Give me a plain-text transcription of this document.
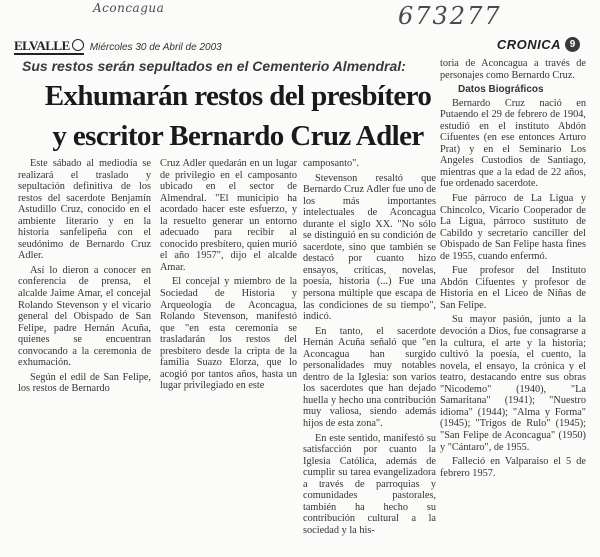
Aconcagua	673277
ELVALLE	Miércoles 30 de Abril de 2003	CRONICA 9
Sus restos serán sepultados en el Cementerio Almendral:
Exhumarán restos del presbítero
y escritor Bernardo Cruz Adler

Este sábado al mediodía se realizará el traslado y sepultación definitiva de los restos del sacerdote Benjamín Astudillo Cruz, conocido en el ambiente literario y en la historia sanfelipeña con el seudónimo de Bernardo Cruz Adler.

Así lo dieron a conocer en conferencia de prensa, el alcalde Jaime Amar, el concejal Rolando Stevenson y el vicario general del Obispado de San Felipe, padre Hernán Acuña, quienes se encuentran convocando a la ceremonia de exhumación.

Según el edil de San Felipe, los restos de Bernardo

Cruz Adler quedarán en un lugar de privilegio en el camposanto ubicado en el sector de Almendral. "El municipio ha acordado hacer este esfuerzo, y la resuelto generar un entorno adecuado para recibir al conocido presbítero, quien murió el año 1957", dijo el alcalde Amar.

El concejal y miembro de la Sociedad de Historia y Arqueología de Aconcagua, Rolando Stevenson, manifestó que "en esta ceremonia se trasladarán los restos del presbítero desde la cripta de la familia Suazo Elorza, que lo acogió por tantos años, hasta un lugar privilegiado en este

camposanto".

Stevenson resaltó que Bernardo Cruz Adler fue uno de los más importantes intelectuales de Aconcagua durante el siglo XX. "No sólo se distinguió en su condición de sacerdote, sino que también se destacó por cuanto hizo ensayos, críticas, novelas, poesía, historia (...) Fue una persona múltiple que escapa de las condiciones de su tiempo", indicó.

En tanto, el sacerdote Hernán Acuña señaló que "en Aconcagua han surgido personalidades muy notables dentro de la Iglesia: son varios los sacerdotes que han dejado huella y hecho una contribución muy valiosa, siendo además hijos de esta zona".

En este sentido, manifestó su satisfacción por cuanto la Iglesia Católica, además de cumplir su tarea evangelizadora a través de parroquias y comunidades pastorales, también ha hecho su contribución cultural a la sociedad y la his-

toria de Aconcagua a través de personajes como Bernardo Cruz.

Datos Biográficos

Bernardo Cruz nació en Putaendo el 29 de febrero de 1904, estudió en el instituto Abdón Cifuentes (en ese entonces Arturo Prat) y en el Seminario Los Angeles Custodios de Santiago, mientras que a la edad de 22 años, fue ordenado sacerdote.

Fue párroco de La Ligua y Chincolco, Vicario Cooperador de La Ligua, párroco sustituto de Cabildo y secretario canciller del Obispado de San Felipe hasta fines de 1955, cuando enfermó.

Fue profesor del Instituto Abdón Cifuentes y profesor de Historia en el Liceo de Niñas de San Felipe.

Su mayor pasión, junto a la devoción a Dios, fue consagrarse a la cultura, el arte y la historia; cultivó la poesía, el cuento, la novela, el ensayo, la crónica y el teatro, destacando entre sus obras "Nicodemo" (1940), "La Samaritana" (1941); "Nuestro idioma" (1944); "Alma y Forma" (1945); "Trigos de Rulo" (1945); "San Felipe de Aconcagua" (1950) y "Cántaro", de 1955.

Falleció en Valparaíso el 5 de febrero 1957.
